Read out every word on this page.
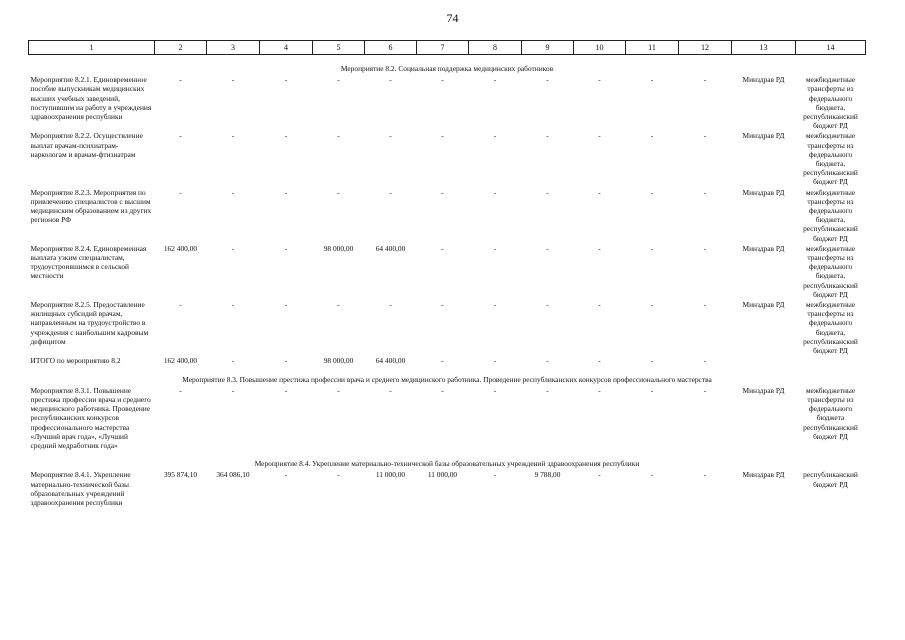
74
1	2	3	4	5	6	7	8	9	10	11	12	13	14
Мероприятие 8.2. Социальная поддержка медицинских работников													
Мероприятие 8.2.1. Единовременное пособие выпускникам медицинских высших учебных заведений, поступившим на работу в учреждения здравоохранения республики	-	-	-	-	-	-	-	-	-	-	-	Минздрав РД	межбюджетные трансферты из федерального бюджета, республиканский бюджет РД
Мероприятие 8.2.2. Осуществление выплат врачам-психиатрам-наркологам и врачам-фтизиатрам	-	-	-	-	-	-	-	-	-	-	-	Минздрав РД	межбюджетные трансферты из федерального бюджета, республиканский бюджет РД
Мероприятие 8.2.3. Мероприятия по привлечению специалистов с высшим медицинским образованием из других регионов РФ	-	-	-	-	-	-	-	-	-	-	-	Минздрав РД	межбюджетные трансферты из федерального бюджета, республиканский бюджет РД
Мероприятие 8.2.4. Единовременная выплата узким специалистам, трудоустроившимся в сельской местности	162 400,00	-	-	98 000,00	64 400,00	-	-	-	-	-	-	Минздрав РД	межбюджетные трансферты из федерального бюджета, республиканский бюджет РД
Мероприятие 8.2.5. Предоставление жилищных субсидий врачам, направленным на трудоустройство в учреждения с наибольшим кадровым дефицитом	-	-	-	-	-	-	-	-	-	-	-	Минздрав РД	межбюджетные трансферты из федерального бюджета, республиканский бюджет РД
ИТОГО по мероприятию 8.2	162 400,00	-	-	98 000,00	64 400,00	-	-	-	-	-	-		
Мероприятие 8.3. Повышение престижа профессии врача и среднего медицинского работника. Проведение республиканских конкурсов профессионального мастерства													
Мероприятие 8.3.1. Повышение престижа профессии врача и среднего медицинского работника. Проведение республиканских конкурсов профессионального мастерства «Лучший врач года», «Лучший средний медработник года»	-	-	-	-	-	-	-	-	-	-	-	Минздрав РД	межбюджетные трансферты из федерального бюджета республиканский бюджет РД
Мероприятие 8.4. Укрепление материально-технической базы образовательных учреждений здравоохранения республики													
Мероприятие 8.4.1. Укрепление материально-технической базы образовательных учреждений здравоохранения республики	395 874,10	364 086,10	-	-	11 000,00	11 000,00	-	9 788,00	-	-	-	Минздрав РД	республиканский бюджет РД
